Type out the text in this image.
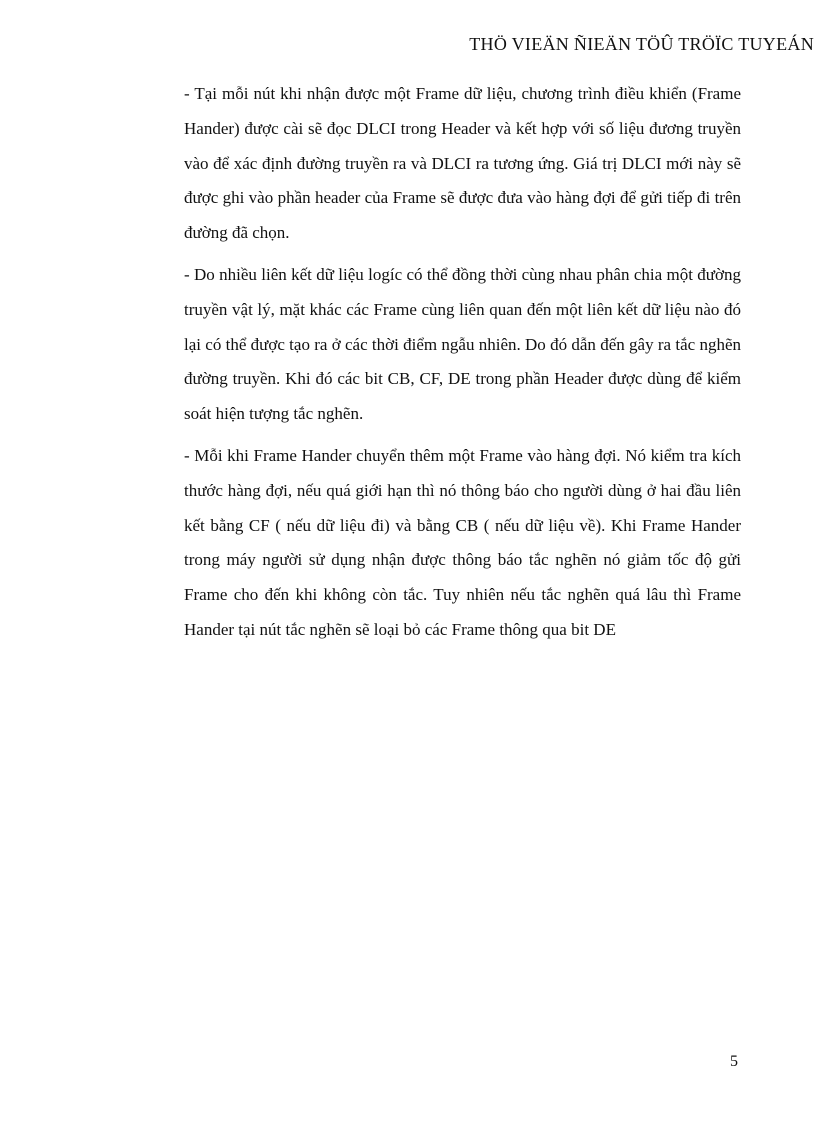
THÖ VIEÄN ÑIEÄN TÖÛ TRÖÏC TUYEÁN

- Tại mỗi nút khi nhận được một Frame dữ liệu, chương trình điều khiển (Frame Hander) được cài sẽ đọc DLCI trong Header và kết hợp với số liệu đương truyền vào để xác định đường truyền ra và DLCI ra tương ứng. Giá trị DLCI mới này sẽ được ghi vào phần header của Frame sẽ được đưa vào hàng đợi để gửi tiếp đi trên đường đã chọn.

- Do nhiều liên kết dữ liệu logíc có thể đồng thời cùng nhau phân chia một đường truyền vật lý, mặt khác các Frame cùng liên quan đến một liên kết dữ liệu nào đó lại có thể được tạo ra ở các thời điểm ngẫu nhiên. Do đó dẫn đến gây ra tắc nghẽn đường truyền. Khi đó các bit CB, CF, DE trong phần Header được dùng để kiểm soát hiện tượng tắc nghẽn.

- Mỗi khi Frame Hander chuyển thêm một Frame vào hàng đợi. Nó kiểm tra kích thước hàng đợi, nếu quá giới hạn thì nó thông báo cho người dùng ở hai đầu liên kết bằng CF ( nếu dữ liệu đi) và bằng CB ( nếu dữ liệu về). Khi Frame Hander trong máy người sử dụng nhận được thông báo tắc nghẽn nó giảm tốc độ gửi Frame cho đến khi không còn tắc. Tuy nhiên nếu tắc nghẽn quá lâu thì Frame Hander tại nút tắc nghẽn sẽ loại bỏ các Frame thông qua bit DE

5
